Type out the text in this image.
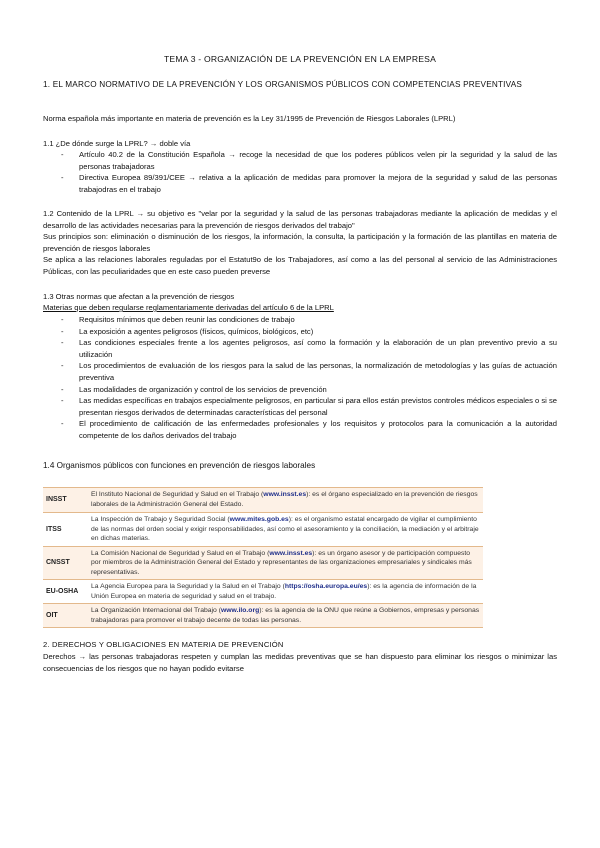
TEMA 3 - ORGANIZACIÓN DE LA PREVENCIÓN EN LA EMPRESA
1. EL MARCO NORMATIVO DE LA PREVENCIÓN Y LOS ORGANISMOS PÚBLICOS CON COMPETENCIAS PREVENTIVAS
Norma española más importante en materia de prevención es la Ley 31/1995 de Prevención de Riesgos Laborales (LPRL)
1.1 ¿De dónde surge la LPRL? → doble vía
- Artículo 40.2 de la Constitución Española → recoge la necesidad de que los poderes públicos velen pir la seguridad y la salud de las personas trabajadoras
- Directiva Europea 89/391/CEE → relativa a la aplicación de medidas para promover la mejora de la seguridad y salud de las personas trabajodras en el trabajo
1.2 Contenido de la LPRL → su objetivo es "velar por la seguridad y la salud de las personas trabajadoras mediante la aplicación de medidas y el desarrollo de las actividades necesarias para la prevención de riesgos derivados del trabajo"
Sus principios son: eliminación o disminución de los riesgos, la información, la consulta, la participación y la formación de las plantillas en materia de prevención de riesgos laborales
Se aplica a las relaciones laborales reguladas por el Estatut9o de los Trabajadores, así como a las del personal al servicio de las Administraciones Públicas, con las peculiaridades que en este caso pueden preverse
1.3 Otras normas que afectan a la prevención de riesgos
Materias que deben regularse reglamentariamente derivadas del artículo 6 de la LPRL
- Requisitos mínimos que deben reunir las condiciones de trabajo
- La exposición a agentes peligrosos (físicos, químicos, biológicos, etc)
- Las condiciones especiales frente a los agentes peligrosos, así como la formación y la elaboración de un plan preventivo previo a su utilización
- Los procedimientos de evaluación de los riesgos para la salud de las personas, la normalización de metodologías y las guías de actuación preventiva
- Las modalidades de organización y control de los servicios de prevención
- Las medidas específicas en trabajos especialmente peligrosos, en particular si para ellos están previstos controles médicos especiales o si se presentan riesgos derivados de determinadas características del personal
- El procedimiento de calificación de las enfermedades profesionales y los requisitos y protocolos para la comunicación a la autoridad competente de los daños derivados del trabajo
1.4 Organismos públicos con funciones en prevención de riesgos laborales
INSST	El Instituto Nacional de Seguridad y Salud en el Trabajo (www.insst.es): es el órgano especializado en la prevención de riesgos laborales de la Administración General del Estado.
ITSS	La Inspección de Trabajo y Seguridad Social (www.mites.gob.es): es el organismo estatal encargado de vigilar el cumplimiento de las normas del orden social y exigir responsabilidades, así como el asesoramiento y la conciliación, la mediación y el arbitraje en dichas materias.
CNSST	La Comisión Nacional de Seguridad y Salud en el Trabajo (www.insst.es): es un órgano asesor y de participación compuesto por miembros de la Administración General del Estado y representantes de las organizaciones empresariales y sindicales más representativas.
EU-OSHA	La Agencia Europea para la Seguridad y la Salud en el Trabajo (https://osha.europa.eu/es): es la agencia de información de la Unión Europea en materia de seguridad y salud en el trabajo.
OIT	La Organización Internacional del Trabajo (www.ilo.org): es la agencia de la ONU que reúne a Gobiernos, empresas y personas trabajadoras para promover el trabajo decente de todas las personas.
2. DERECHOS Y OBLIGACIONES EN MATERIA DE PREVENCIÓN
Derechos → las personas trabajadoras respeten y cumplan las medidas preventivas que se han dispuesto para eliminar los riesgos o minimizar las consecuencias de los riesgos que no hayan podido evitarse
